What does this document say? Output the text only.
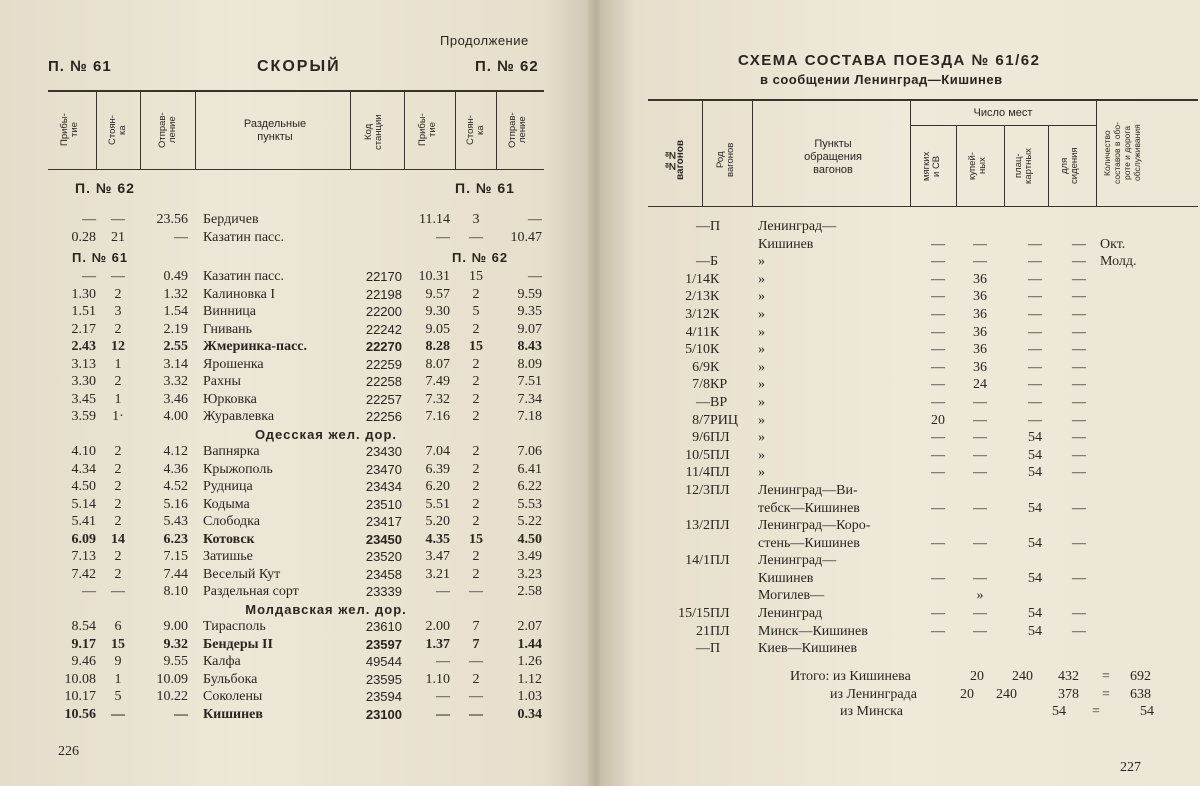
Продолжение
П. № 61	СКОРЫЙ	П. № 62
Прибы-
тие	Стоян-
ка	Отправ-
ление	Раздельные
пункты	Код
станции	Прибы-
тие	Стоян-
ка Отправ-
ление
П. № 62	П. № 61
—	—	23.56 Бердичев	11.14	3	—
0.28	21	— Казатин пасс.	—	—	10.47
П. № 61	П. № 62
—	—	0.49 Казатин пасс.	22170	10.31	15	—
1.30	2	1.32 Калиновка I	22198	9.57	2	9.59
1.51	3	1.54 Винница	22200	9.30	5	9.35
2.17	2	2.19 Гнивань	22242	9.05	2	9.07
2.43	12	2.55 Жмеринка-пасс.	22270	8.28	15	8.43
3.13	1	3.14 Ярошенка	22259	8.07	2	8.09
3.30	2	3.32 Рахны	22258	7.49	2	7.51
3.45	1	3.46 Юрковка	22257	7.32	2	7.34
3.59	1·	4.00 Журавлевка	22256	7.16	2	7.18
Одесская жел. дор.
4.10	2	4.12 Вапнярка	23430	7.04	2	7.06
4.34	2	4.36 Крыжополь	23470	6.39	2	6.41
4.50	2	4.52 Рудница	23434	6.20	2	6.22
5.14	2	5.16 Кодыма	23510	5.51	2	5.53
5.41	2	5.43 Слободка	23417	5.20	2	5.22
6.09	14	6.23 Котовск	23450	4.35	15	4.50
7.13	2	7.15 Затишье	23520	3.47	2	3.49
7.42	2	7.44 Веселый Кут	23458	3.21	2	3.23
—	—	8.10 Раздельная сорт	23339	—	—	2.58
Молдавская жел. дор.
8.54	6	9.00 Тирасполь	23610	2.00	7	2.07
9.17	15	9.32 Бендеры II	23597	1.37	7	1.44
9.46	9	9.55 Калфа	49544	—	—	1.26
10.08	1	10.09 Бульбока	23595	1.10	2	1.12
10.17	5	10.22 Соколены	23594	—	—	1.03
10.56	—	— Кишинев	23100	—	—	0.34
226
СХЕМА СОСТАВА ПОЕЗДА № 61/62
в сообщении Ленинград—Кишинев
№№
вагонов	Род
вагонов	Пункты
обращения
вагонов
Число мест
мягких
и СВ	купей-
ных	плац-
картных	для
сидения	Количество
составов в обо-
роте и дорога
обслуживания
— П	Ленинград—
Кишинев	—	—	—	—	Окт.
— Б	»	—	—	—	—	Молд.
1/14 К	»	—	36	—	—
2/13 К	»	—	36	—	—
3/12 К	»	—	36	—	—
4/11 К	»	—	36	—	—
5/10 К	»	—	36	—	—
6/9 К	»	—	36	—	—
7/8 КР	»	—	24	—	—
— ВР	»	—	—	—	—
8/7 РИЦ	»	20	—	—	—
9/6 ПЛ	»	—	—	54	—
10/5 ПЛ	»	—	—	54	—
11/4 ПЛ	»	—	—	54	—
12/3 ПЛ	Ленинград—Ви-
тебск—Кишинев	—	—	54	—
13/2 ПЛ	Ленинград—Коро-
стень—Кишинев	—	—	54	—
14/1 ПЛ	Ленинград—
Кишинев	—	—	54	—
Могилев—	»
15/15 ПЛ	Ленинград	—	—	54	—
21 ПЛ	Минск—Кишинев	—	—	54	—
— П	Киев—Кишинев
Итого: из Кишинева	20 240 432 = 692
из Ленинграда	20 240	378 = 638
из Минска	54 =	54
227
